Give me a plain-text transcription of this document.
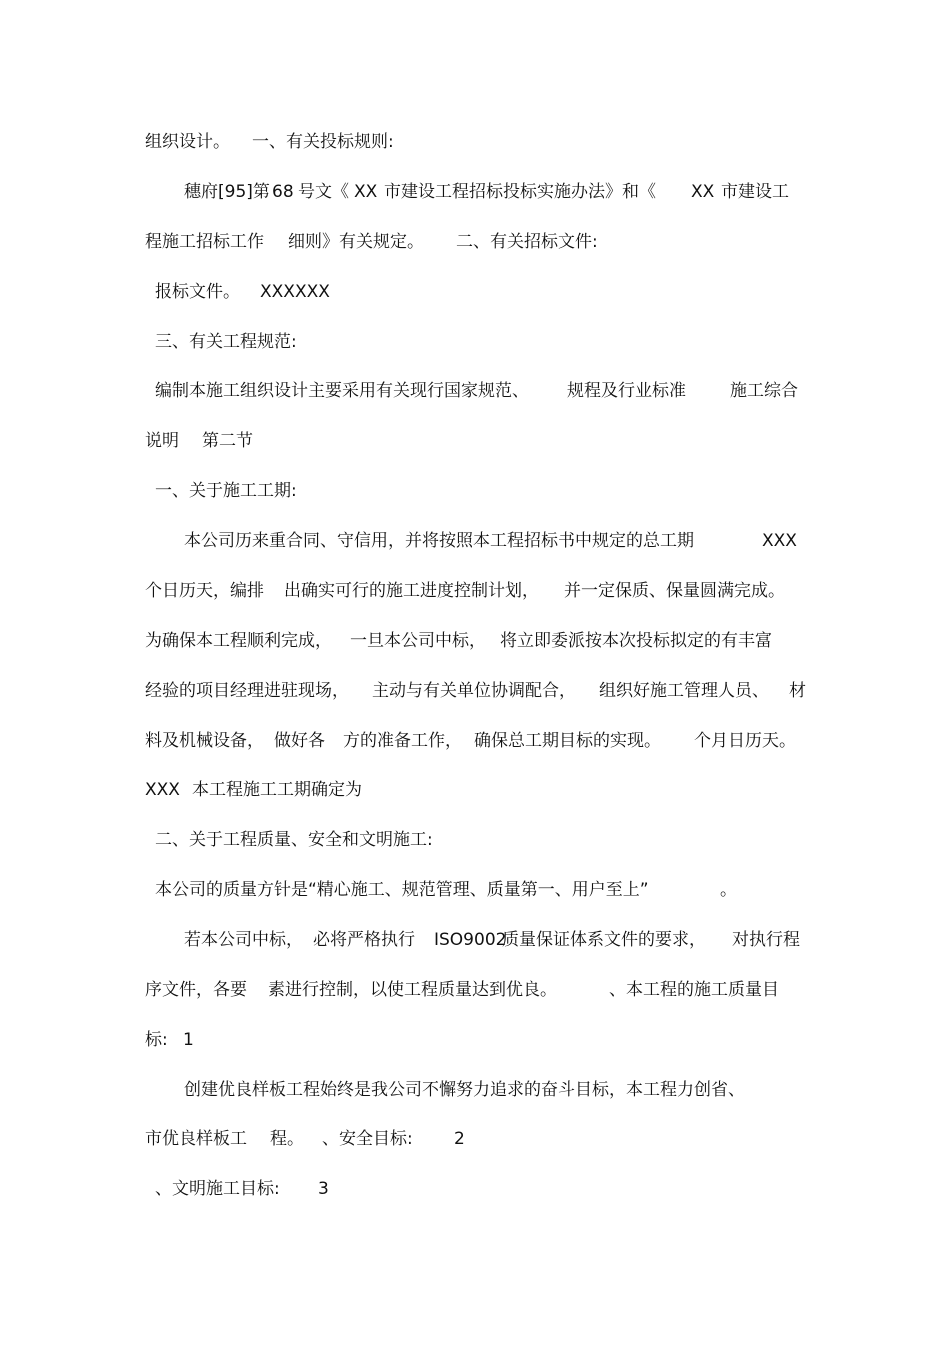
组织设计。 一、有关投标规则:
穗府[95]第 68 号文《 XX 市建设工程招标投标实施办法》和《 XX 市建设工
程施工招标工作 细则》有关规定。 二、有关招标文件:
报标文件。 XXXXXX
三、有关工程规范:
编制本施工组织设计主要采用有关现行国家规范、 规程及行业标准	施工综合
说明 第二节
一、关于施工工期:
本公司历来重合同、守信用，并将按照本工程招标书中规定的总工期	XXX
个日历天，编排 出确实可行的施工进度控制计划， 并一定保质、保量圆满完成。
为确保本工程顺利完成， 一旦本公司中标， 将立即委派按本次投标拟定的有丰富
经验的项目经理进驻现场， 主动与有关单位协调配合， 组织好施工管理人员、 材
料及机械设备， 做好各 方的准备工作， 确保总工期目标的实现。 个月日历天。
XXX 本工程施工工期确定为
二、关于工程质量、安全和文明施工:
本公司的质量方针是“精心施工、规范管理、质量第一、用户至上”	。
若本公司中标， 必将严格执行 ISO9002
质量保证体系文件的要求， 对执行程
序文件，各要 素进行控制，以使工程质量达到优良。	、本工程的施工质量目
标: 1
创建优良样板工程始终是我公司不懈努力追求的奋斗目标，本工程力创省、
市优良样板工 程。 、安全目标: 2
、文明施工目标: 3
